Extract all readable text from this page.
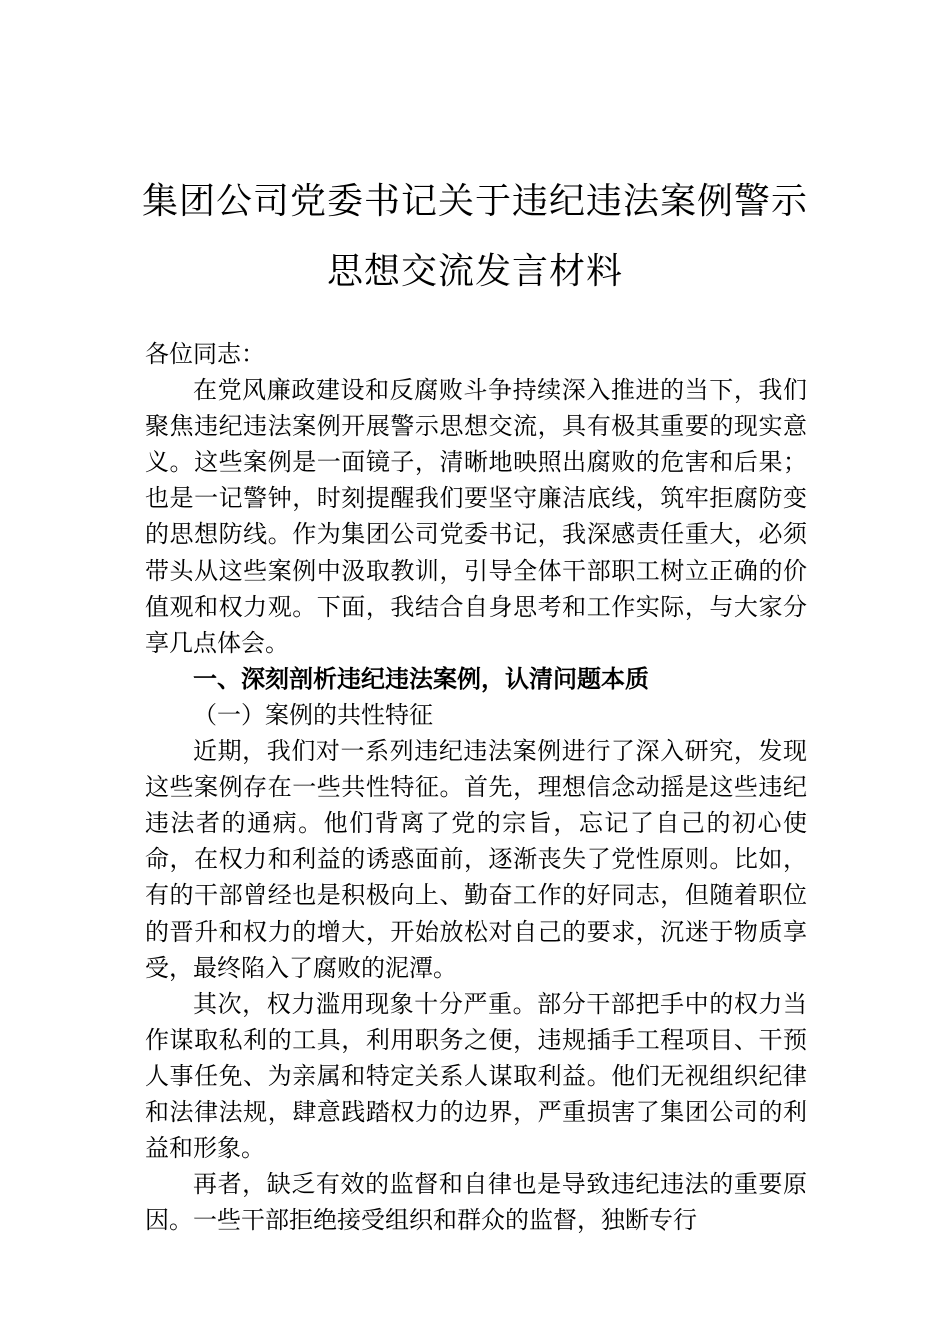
集团公司党委书记关于违纪违法案例警示
思想交流发言材料

各位同志：

在党风廉政建设和反腐败斗争持续深入推进的当下，我们聚焦违纪违法案例开展警示思想交流，具有极其重要的现实意义。这些案例是一面镜子，清晰地映照出腐败的危害和后果；也是一记警钟，时刻提醒我们要坚守廉洁底线，筑牢拒腐防变的思想防线。作为集团公司党委书记，我深感责任重大，必须带头从这些案例中汲取教训，引导全体干部职工树立正确的价值观和权力观。下面，我结合自身思考和工作实际，与大家分享几点体会。

一、深刻剖析违纪违法案例，认清问题本质

（一）案例的共性特征

近期，我们对一系列违纪违法案例进行了深入研究，发现这些案例存在一些共性特征。首先，理想信念动摇是这些违纪违法者的通病。他们背离了党的宗旨，忘记了自己的初心使命，在权力和利益的诱惑面前，逐渐丧失了党性原则。比如，有的干部曾经也是积极向上、勤奋工作的好同志，但随着职位的晋升和权力的增大，开始放松对自己的要求，沉迷于物质享受，最终陷入了腐败的泥潭。

其次，权力滥用现象十分严重。部分干部把手中的权力当作谋取私利的工具，利用职务之便，违规插手工程项目、干预人事任免、为亲属和特定关系人谋取利益。他们无视组织纪律和法律法规，肆意践踏权力的边界，严重损害了集团公司的利益和形象。

再者，缺乏有效的监督和自律也是导致违纪违法的重要原因。一些干部拒绝接受组织和群众的监督，独断专行
